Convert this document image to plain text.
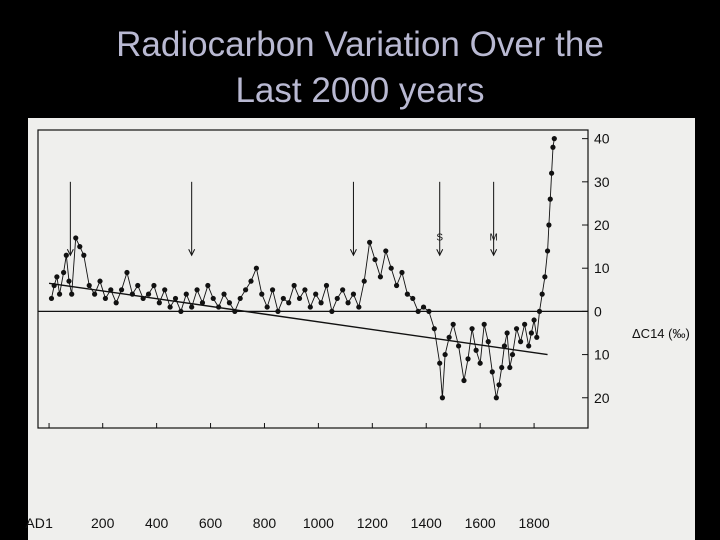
Radiocarbon Variation Over the
Last 2000 years
40
30
20
10
0
10
20
ΔC14 (‰)
AD 1	200 400 600 800 1000 1200 1400 1600 1800
S	M
